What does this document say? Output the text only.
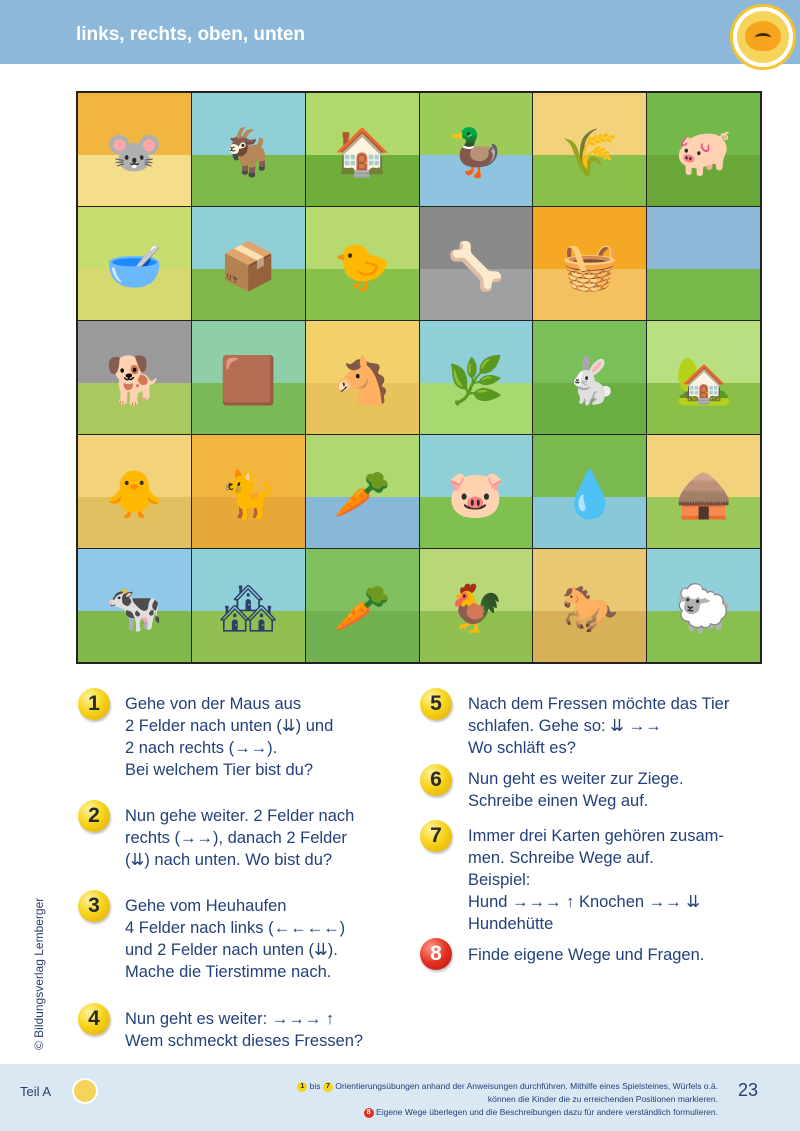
links, rechts, oben, unten
🐭 🐐 🏠 🦆 🌾 🐖
🥣 📦 🐤 🦴 🧺
🐕 🟫 🐴 🌿 🐇 🏡
🐥 🐈 🥕 🐷 💧 🛖
🐄 🏘 🥕 🐓 🐎 🐑
1	Gehe von der Maus aus
2 Felder nach unten (⇊) und
2 nach rechts (→→).
Bei welchem Tier bist du?
2	Nun gehe weiter. 2 Felder nach
rechts (→→), danach 2 Felder
(⇊) nach unten. Wo bist du?
3	Gehe vom Heuhaufen
4 Felder nach links (←←←←)
und 2 Felder nach unten (⇊).
Mache die Tierstimme nach.
4	Nun geht es weiter: →→→ ↑
Wem schmeckt dieses Fressen?
5	Nach dem Fressen möchte das Tier
schlafen. Gehe so: ⇊ →→
Wo schläft es?
6	Nun geht es weiter zur Ziege.
Schreibe einen Weg auf.
7	Immer drei Karten gehören zusam-
men. Schreibe Wege auf.
Beispiel:
Hund →→→ ↑ Knochen →→ ⇊
Hundehütte
8	Finde eigene Wege und Fragen.
© Bildungsverlag Lemberger
Teil A	1 bis 7 Orientierungsübungen anhand der Anweisungen durchführen. Mithilfe eines Spielsteines, Würfels o.ä.
können die Kinder die zu erreichenden Positionen markieren.
8 Eigene Wege überlegen und die Beschreibungen dazu für andere verständlich formulieren.
23
